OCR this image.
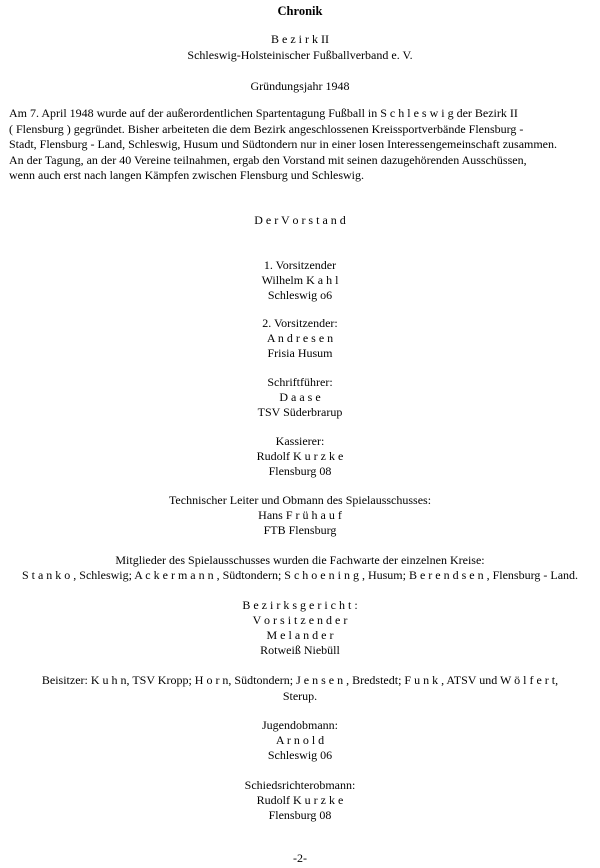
Chronik
B e z i r k II
Schleswig-Holsteinischer Fußballverband e. V.
Gründungsjahr 1948
Am 7. April 1948 wurde auf der außerordentlichen Spartentagung Fußball in S c h l e s w i g der Bezirk II
( Flensburg ) gegründet. Bisher arbeiteten die dem Bezirk angeschlossenen Kreissportverbände Flensburg -
Stadt, Flensburg - Land, Schleswig, Husum und Südtondern nur in einer losen Interessengemeinschaft zusammen.
An der Tagung, an der 40 Vereine teilnahmen, ergab den Vorstand mit seinen dazugehörenden Ausschüssen,
wenn auch erst nach langen Kämpfen zwischen Flensburg und Schleswig.
D e r V o r s t a n d
1. Vorsitzender
Wilhelm K a h l
Schleswig o6
2. Vorsitzender:
A n d r e s e n
Frisia Husum
Schriftführer:
D a a s e
TSV Süderbrarup
Kassierer:
Rudolf K u r z k e
Flensburg 08
Technischer Leiter und Obmann des Spielausschusses:
Hans F r ü h a u f
FTB Flensburg
Mitglieder des Spielausschusses wurden die Fachwarte der einzelnen Kreise:
S t a n k o , Schleswig; A c k e r m a n n , Südtondern; S c h o e n i n g , Husum; B e r e n d s e n , Flensburg - Land.
B e z i r k s g e r i c h t :
V o r s i t z e n d e r
M e l a n d e r
Rotweiß Niebüll
Beisitzer: K u h n, TSV Kropp; H o r n, Südtondern; J e n s e n , Bredstedt; F u n k , ATSV und W ö l f e r t,
Sterup.
Jugendobmann:
A r n o l d
Schleswig 06
Schiedsrichterobmann:
Rudolf K u r z k e
Flensburg 08
-2-
